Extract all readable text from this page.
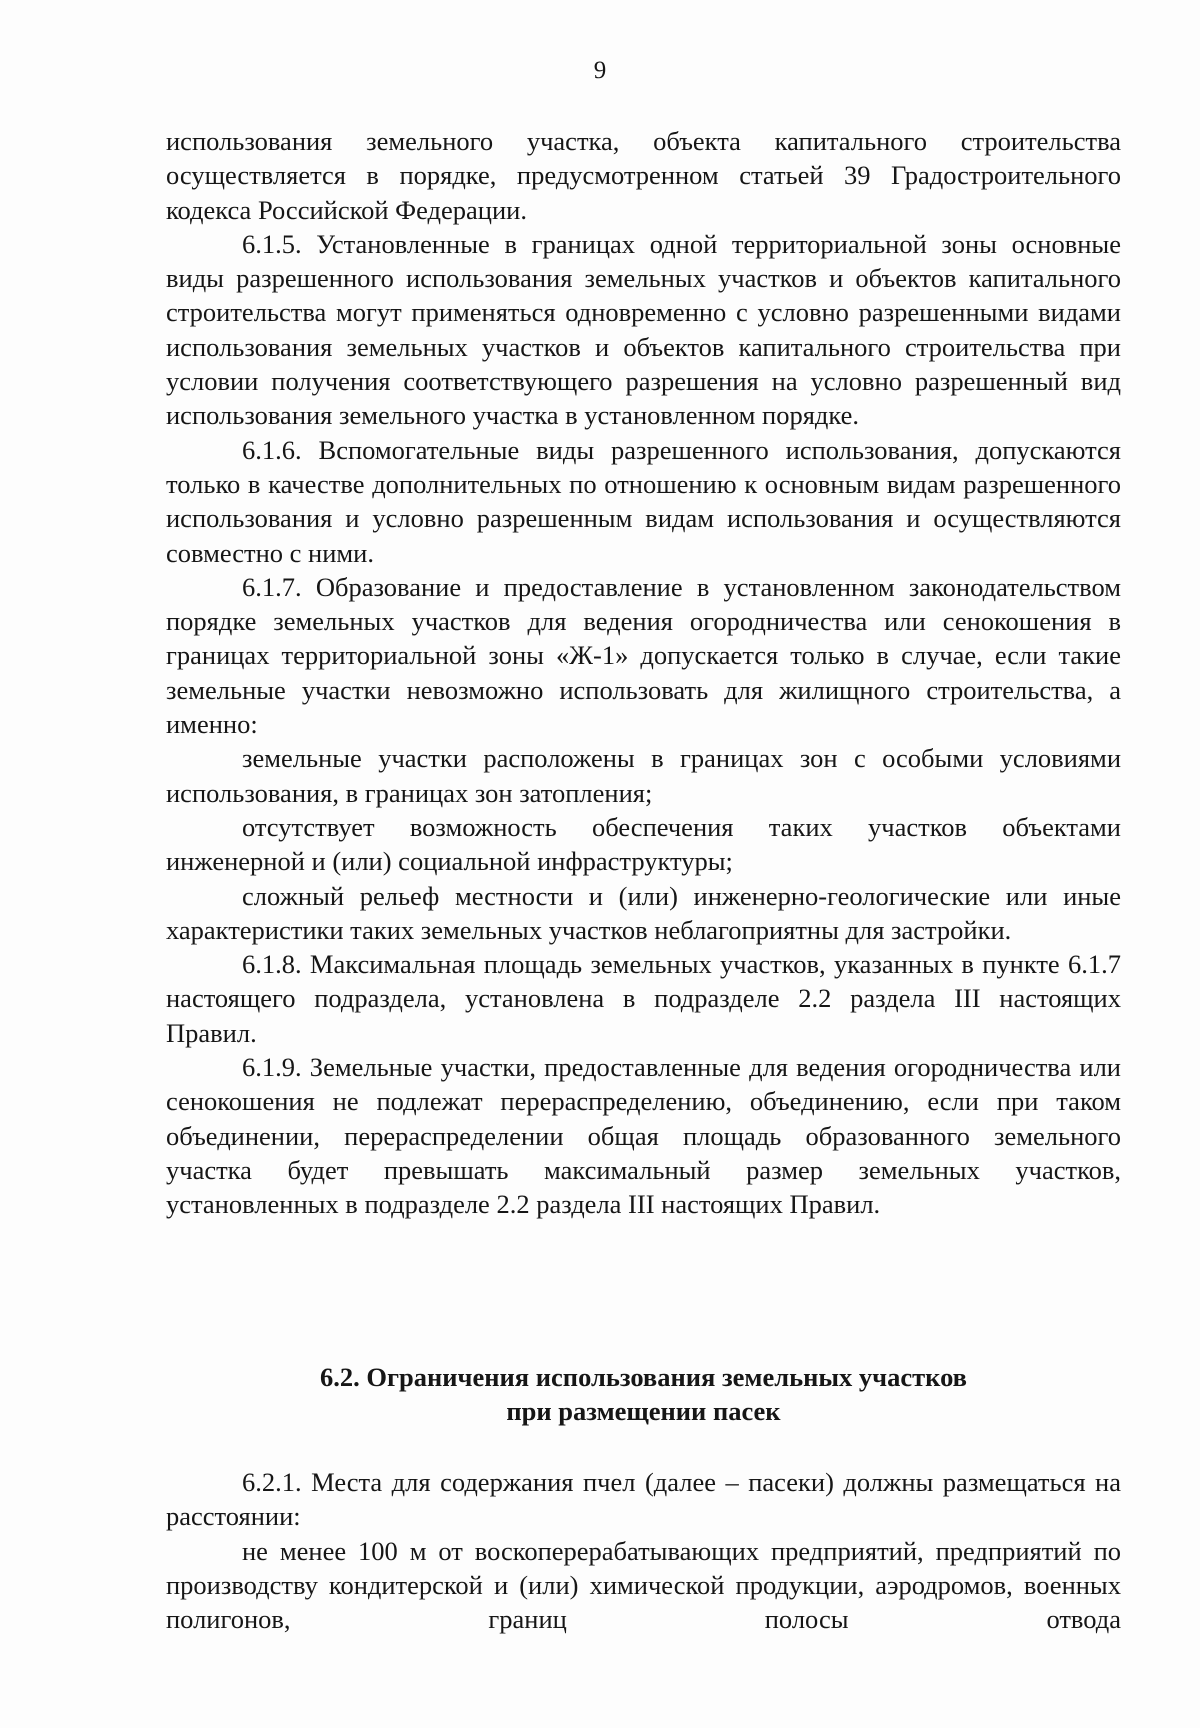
9

использования земельного участка, объекта капитального строительства осуществляется в порядке, предусмотренном статьей 39 Градостроительного кодекса Российской Федерации.

6.1.5. Установленные в границах одной территориальной зоны основные виды разрешенного использования земельных участков и объектов капитального строительства могут применяться одновременно с условно разрешенными видами использования земельных участков и объектов капитального строительства при условии получения соответствующего разрешения на условно разрешенный вид использования земельного участка в установленном порядке.

6.1.6. Вспомогательные виды разрешенного использования, допускаются только в качестве дополнительных по отношению к основным видам разрешенного использования и условно разрешенным видам использования и осуществляются совместно с ними.

6.1.7. Образование и предоставление в установленном законодательством порядке земельных участков для ведения огородничества или сенокошения в границах территориальной зоны «Ж-1» допускается только в случае, если такие земельные участки невозможно использовать для жилищного строительства, а именно:

земельные участки расположены в границах зон с особыми условиями использования, в границах зон затопления;

отсутствует возможность обеспечения таких участков объектами инженерной и (или) социальной инфраструктуры;

сложный рельеф местности и (или) инженерно-геологические или иные характеристики таких земельных участков неблагоприятны для застройки.

6.1.8. Максимальная площадь земельных участков, указанных в пункте 6.1.7 настоящего подраздела, установлена в подразделе 2.2 раздела III настоящих Правил.

6.1.9. Земельные участки, предоставленные для ведения огородничества или сенокошения не подлежат перераспределению, объединению, если при таком объединении, перераспределении общая площадь образованного земельного участка будет превышать максимальный размер земельных участков, установленных в подразделе 2.2 раздела III настоящих Правил.

6.2. Ограничения использования земельных участков
при размещении пасек

6.2.1. Места для содержания пчел (далее – пасеки) должны размещаться на расстоянии:

не менее 100 м от воскоперерабатывающих предприятий, предприятий по производству кондитерской и (или) химической продукции, аэродромов, военных полигонов, границ полосы отвода
